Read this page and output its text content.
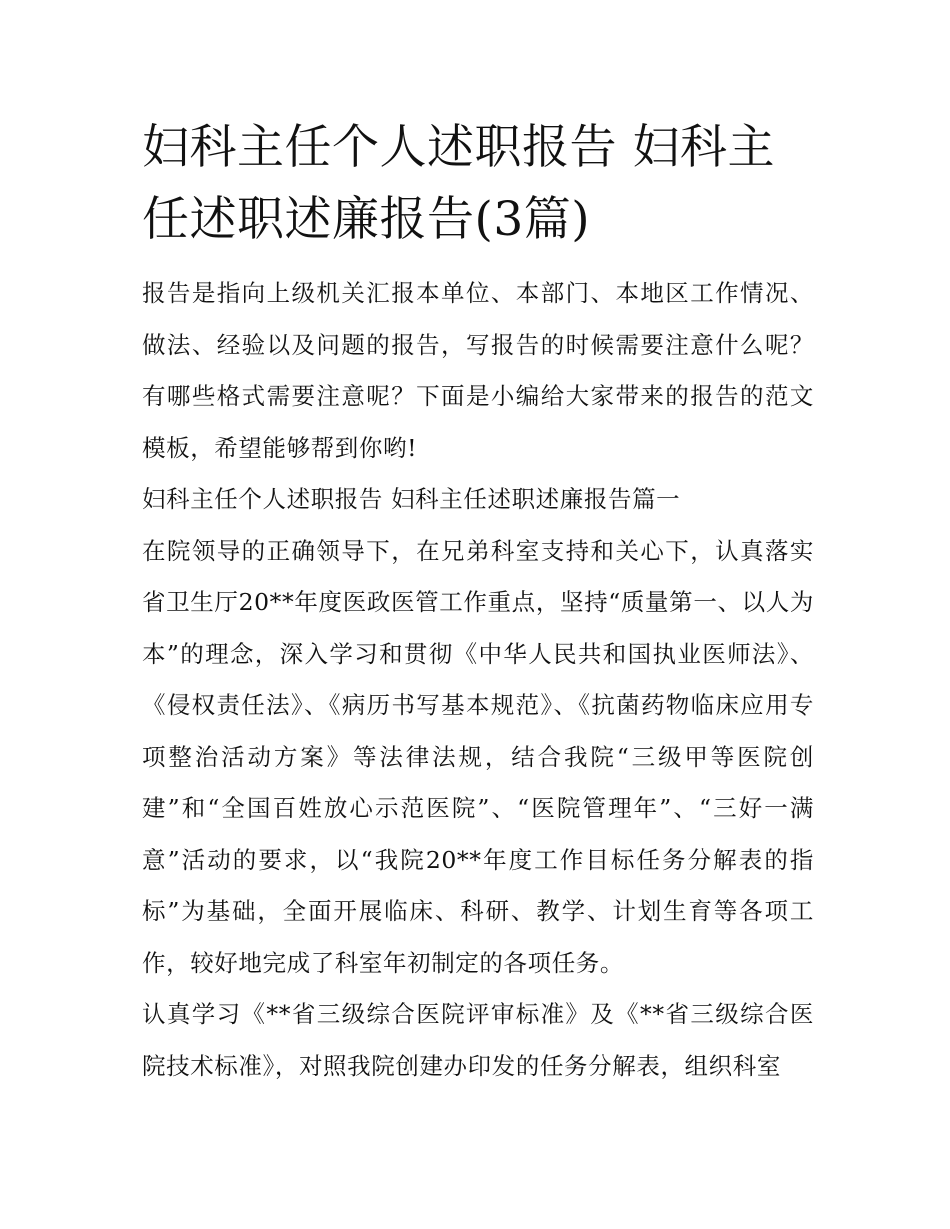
妇科主任个人述职报告 妇科主任述职述廉报告(3篇)

报告是指向上级机关汇报本单位、本部门、本地区工作情况、做法、经验以及问题的报告，写报告的时候需要注意什么呢？有哪些格式需要注意呢？下面是小编给大家带来的报告的范文模板，希望能够帮到你哟!

妇科主任个人述职报告 妇科主任述职述廉报告篇一

在院领导的正确领导下，在兄弟科室支持和关心下，认真落实省卫生厅20**年度医政医管工作重点，坚持“质量第一、以人为本”的理念，深入学习和贯彻《中华人民共和国执业医师法》、《侵权责任法》、《病历书写基本规范》、《抗菌药物临床应用专项整治活动方案》等法律法规，结合我院“三级甲等医院创建”和“全国百姓放心示范医院”、“医院管理年”、“三好一满意”活动的要求，以“我院20**年度工作目标任务分解表的指标”为基础，全面开展临床、科研、教学、计划生育等各项工作，较好地完成了科室年初制定的各项任务。

认真学习《**省三级综合医院评审标准》及《**省三级综合医院技术标准》，对照我院创建办印发的任务分解表，组织科室
